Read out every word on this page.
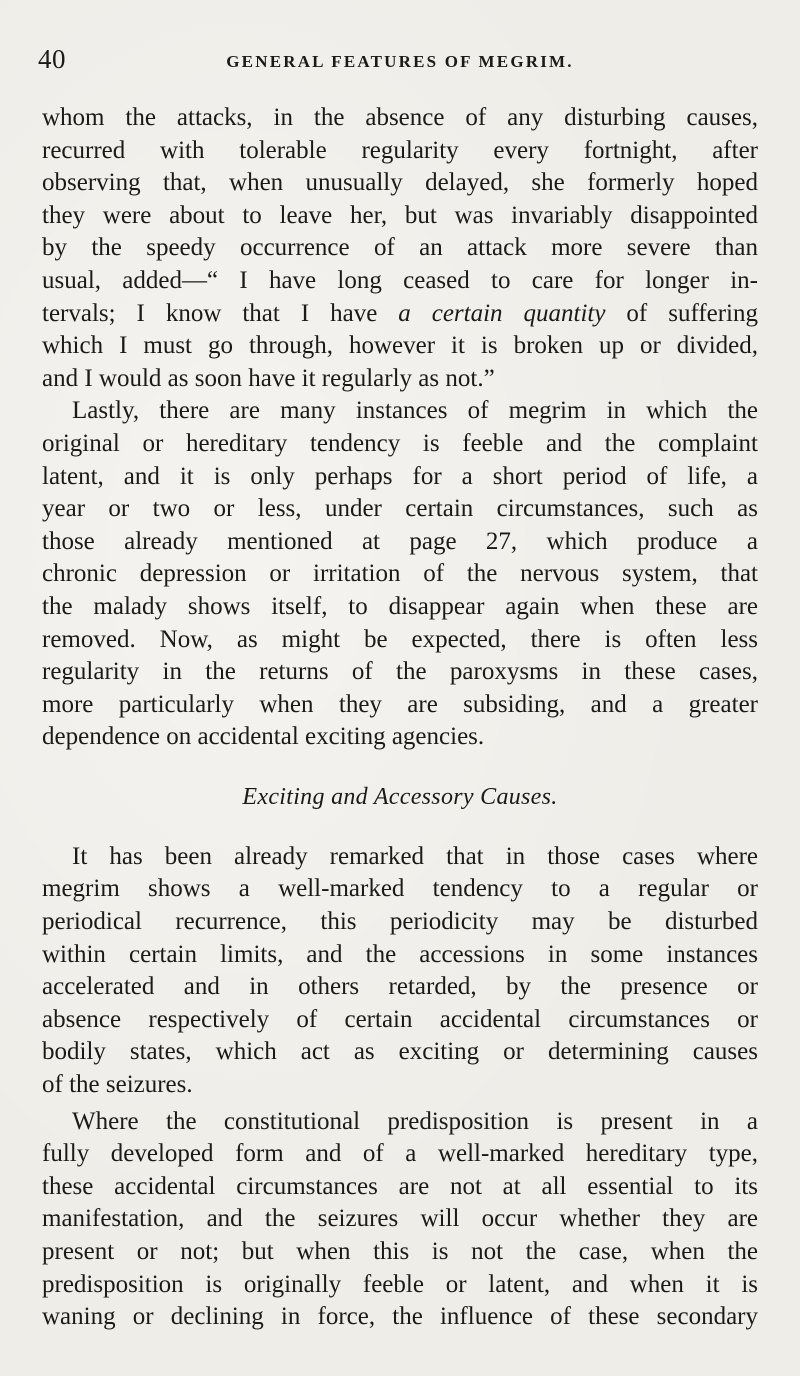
40	GENERAL FEATURES OF MEGRIM.

whom the attacks, in the absence of any disturbing causes,
recurred with tolerable regularity every fortnight, after
observing that, when unusually delayed, she formerly hoped
they were about to leave her, but was invariably disappointed
by the speedy occurrence of an attack more severe than
usual, added—“ I have long ceased to care for longer in-
tervals; I know that I have a certain quantity of suffering
which I must go through, however it is broken up or divided,
and I would as soon have it regularly as not.”

Lastly, there are many instances of megrim in which the
original or hereditary tendency is feeble and the complaint
latent, and it is only perhaps for a short period of life, a
year or two or less, under certain circumstances, such as
those already mentioned at page 27, which produce a
chronic depression or irritation of the nervous system, that
the malady shows itself, to disappear again when these are
removed. Now, as might be expected, there is often less
regularity in the returns of the paroxysms in these cases,
more particularly when they are subsiding, and a greater
dependence on accidental exciting agencies.

Exciting and Accessory Causes.

It has been already remarked that in those cases where
megrim shows a well-marked tendency to a regular or
periodical recurrence, this periodicity may be disturbed
within certain limits, and the accessions in some instances
accelerated and in others retarded, by the presence or
absence respectively of certain accidental circumstances or
bodily states, which act as exciting or determining causes
of the seizures.

Where the constitutional predisposition is present in a
fully developed form and of a well-marked hereditary type,
these accidental circumstances are not at all essential to its
manifestation, and the seizures will occur whether they are
present or not; but when this is not the case, when the
predisposition is originally feeble or latent, and when it is
waning or declining in force, the influence of these secondary
